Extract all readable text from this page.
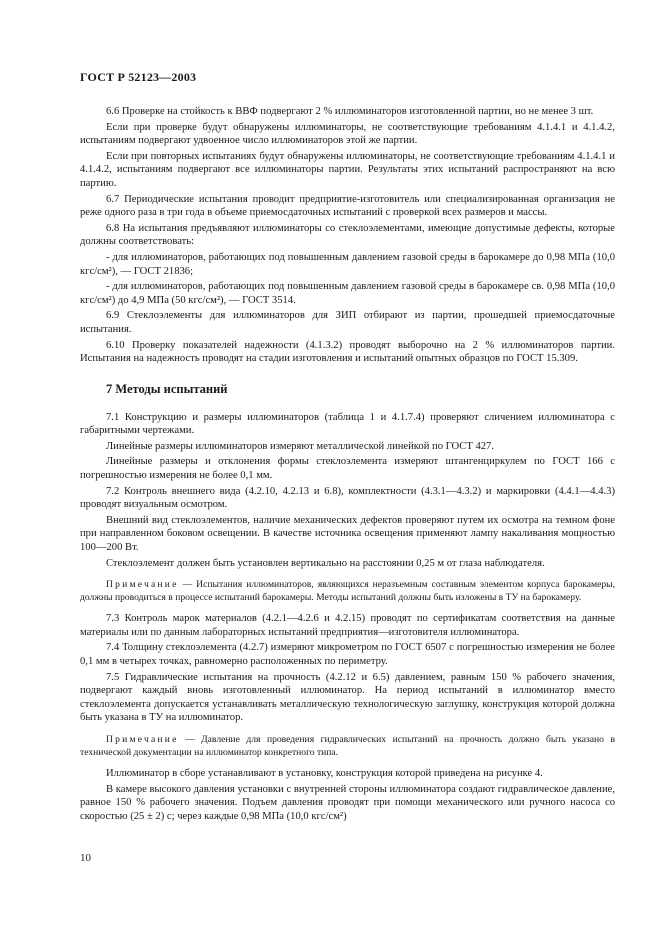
ГОСТ Р 52123—2003

6.6 Проверке на стойкость к ВВФ подвергают 2 % иллюминаторов изготовленной партии, но не менее 3 шт.

Если при проверке будут обнаружены иллюминаторы, не соответствующие требованиям 4.1.4.1 и 4.1.4.2, испытаниям подвергают удвоенное число иллюминаторов этой же партии.

Если при повторных испытаниях будут обнаружены иллюминаторы, не соответствующие требованиям 4.1.4.1 и 4.1.4.2, испытаниям подвергают все иллюминаторы партии. Результаты этих испытаний распространяют на всю партию.

6.7 Периодические испытания проводит предприятие-изготовитель или специализированная организация не реже одного раза в три года в объеме приемосдаточных испытаний с проверкой всех размеров и массы.

6.8 На испытания предъявляют иллюминаторы со стеклоэлементами, имеющие допустимые дефекты, которые должны соответствовать:

- для иллюминаторов, работающих под повышенным давлением газовой среды в барокамере до 0,98 МПа (10,0 кгс/см²), — ГОСТ 21836;

- для иллюминаторов, работающих под повышенным давлением газовой среды в барокамере св. 0,98 МПа (10,0 кгс/см²) до 4,9 МПа (50 кгс/см²), — ГОСТ 3514.

6.9 Стеклоэлементы для иллюминаторов для ЗИП отбирают из партии, прошедшей приемосдаточные испытания.

6.10 Проверку показателей надежности (4.1.3.2) проводят выборочно на 2 % иллюминаторов партии. Испытания на надежность проводят на стадии изготовления и испытаний опытных образцов по ГОСТ 15.309.

7 Методы испытаний

7.1 Конструкцию и размеры иллюминаторов (таблица 1 и 4.1.7.4) проверяют сличением иллюминатора с габаритными чертежами.

Линейные размеры иллюминаторов измеряют металлической линейкой по ГОСТ 427.

Линейные размеры и отклонения формы стеклоэлемента измеряют штангенциркулем по ГОСТ 166 с погрешностью измерения не более 0,1 мм.

7.2 Контроль внешнего вида (4.2.10, 4.2.13 и 6.8), комплектности (4.3.1—4.3.2) и маркировки (4.4.1—4.4.3) проводят визуальным осмотром.

Внешний вид стеклоэлементов, наличие механических дефектов проверяют путем их осмотра на темном фоне при направленном боковом освещении. В качестве источника освещения применяют лампу накаливания мощностью 100—200 Вт.

Стеклоэлемент должен быть установлен вертикально на расстоянии 0,25 м от глаза наблюдателя.

Примечание — Испытания иллюминаторов, являющихся неразъемным составным элементом корпуса барокамеры, должны проводиться в процессе испытаний барокамеры. Методы испытаний должны быть изложены в ТУ на барокамеру.

7.3 Контроль марок материалов (4.2.1—4.2.6 и 4.2.15) проводят по сертификатам соответствия на данные материалы или по данным лабораторных испытаний предприятия—изготовителя иллюминатора.

7.4 Толщину стеклоэлемента (4.2.7) измеряют микрометром по ГОСТ 6507 с погрешностью измерения не более 0,1 мм в четырех точках, равномерно расположенных по периметру.

7.5 Гидравлические испытания на прочность (4.2.12 и 6.5) давлением, равным 150 % рабочего значения, подвергают каждый вновь изготовленный иллюминатор. На период испытаний в иллюминатор вместо стеклоэлемента допускается устанавливать металлическую технологическую заглушку, конструкция которой должна быть указана в ТУ на иллюминатор.

Примечание — Давление для проведения гидравлических испытаний на прочность должно быть указано в технической документации на иллюминатор конкретного типа.

Иллюминатор в сборе устанавливают в установку, конструкция которой приведена на рисунке 4.

В камере высокого давления установки с внутренней стороны иллюминатора создают гидравлическое давление, равное 150 % рабочего значения. Подъем давления проводят при помощи механического или ручного насоса со скоростью (25 ± 2) с; через каждые 0,98 МПа (10,0 кгс/см²)

10
